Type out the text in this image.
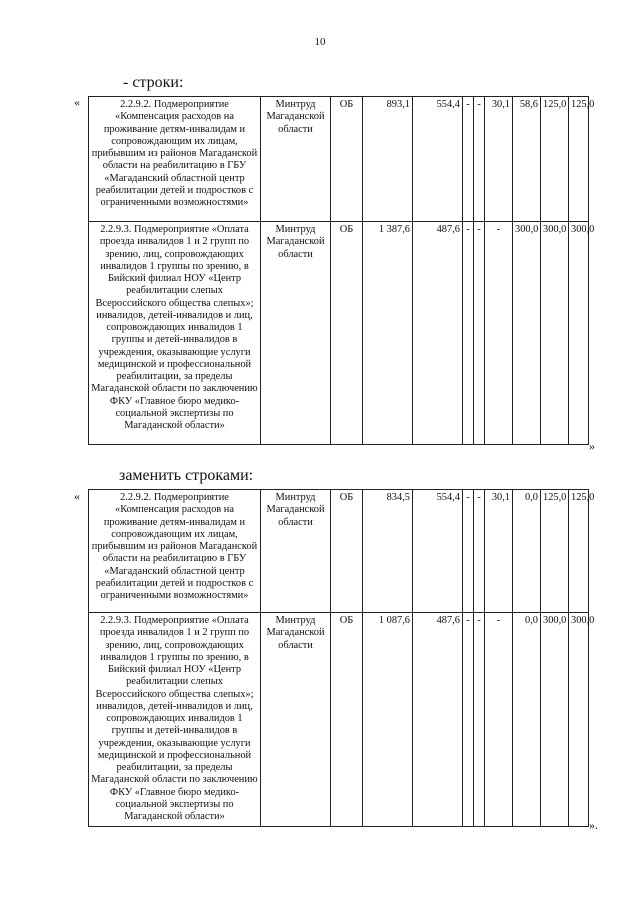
10
- строки:
«	2.2.9.2. Подмероприятие «Компенсация расходов на проживание детям-инвалидам и сопровождающим их лицам, прибывшим из районов Магаданской области на реабилитацию в ГБУ «Магаданский областной центр реабилитации детей и подростков с ограниченными возможностями»	Минтруд Магаданской области	ОБ	893,1	554,4	-	-	30,1	58,6	125,0	125,0
2.2.9.3. Подмероприятие «Оплата проезда инвалидов 1 и 2 групп по зрению, лиц, сопровождающих инвалидов 1 группы по зрению, в Бийский филиал НОУ «Центр реабилитации слепых Всероссийского общества слепых»; инвалидов, детей-инвалидов и лиц, сопровождающих инвалидов 1 группы и детей-инвалидов в учреждения, оказывающие услуги медицинской и профессиональной реабилитации, за пределы Магаданской области по заключению ФКУ «Главное бюро медико-социальной экспертизы по Магаданской области»	Минтруд Магаданской области	ОБ	1 387,6	487,6	-	-	-	300,0	300,0	300,0
»
заменить строками:
«	2.2.9.2. Подмероприятие «Компенсация расходов на проживание детям-инвалидам и сопровождающим их лицам, прибывшим из районов Магаданской области на реабилитацию в ГБУ «Магаданский областной центр реабилитации детей и подростков с ограниченными возможностями»	Минтруд Магаданской области	ОБ	834,5	554,4	-	-	30,1	0,0	125,0	125,0
2.2.9.3. Подмероприятие «Оплата проезда инвалидов 1 и 2 групп по зрению, лиц, сопровождающих инвалидов 1 группы по зрению, в Бийский филиал НОУ «Центр реабилитации слепых Всероссийского общества слепых»; инвалидов, детей-инвалидов и лиц, сопровождающих инвалидов 1 группы и детей-инвалидов в учреждения, оказывающие услуги медицинской и профессиональной реабилитации, за пределы Магаданской области по заключению ФКУ «Главное бюро медико-социальной экспертизы по Магаданской области»	Минтруд Магаданской области	ОБ	1 087,6	487,6	-	-	-	0,0	300,0	300,0
».
